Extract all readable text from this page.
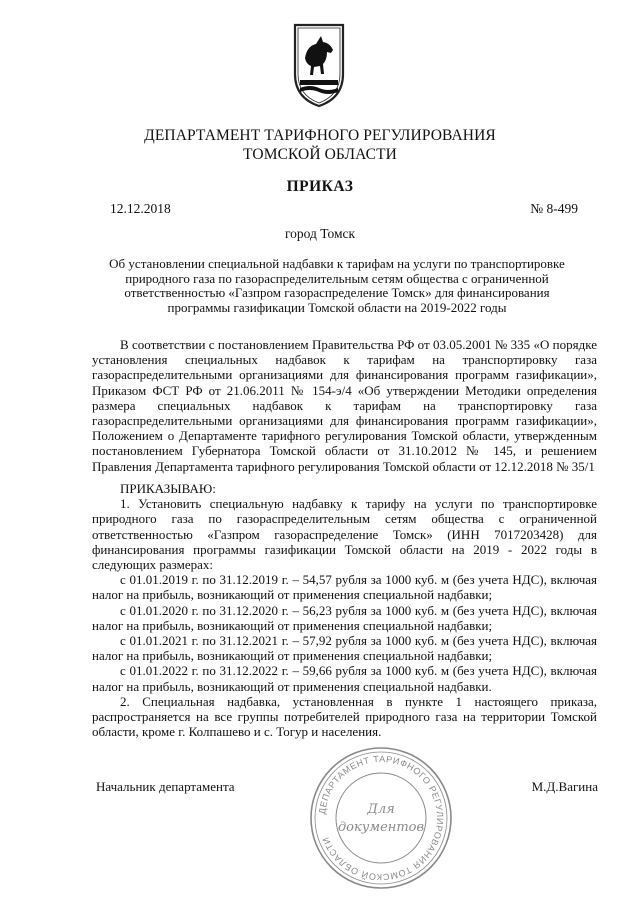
ДЕПАРТАМЕНТ ТАРИФНОГО РЕГУЛИРОВАНИЯ
ТОМСКОЙ ОБЛАСТИ
ПРИКАЗ
12.12.2018	№ 8-499
город Томск
Об установлении специальной надбавки к тарифам на услуги по транспортировке природного газа по газораспределительным сетям общества с ограниченной ответственностью «Газпром газораспределение Томск» для финансирования программы газификации Томской области на 2019-2022 годы

В соответствии с постановлением Правительства РФ от 03.05.2001 № 335 «О порядке установления специальных надбавок к тарифам на транспортировку газа газораспределительными организациями для финансирования программ газификации», Приказом ФСТ РФ от 21.06.2011 № 154-э/4 «Об утверждении Методики определения размера специальных надбавок к тарифам на транспортировку газа газораспределительными организациями для финансирования программ газификации», Положением о Департаменте тарифного регулирования Томской области, утвержденным постановлением Губернатора Томской области от 31.10.2012 № 145, и решением Правления Департамента тарифного регулирования Томской области от 12.12.2018 № 35/1

ПРИКАЗЫВАЮ:

1. Установить специальную надбавку к тарифу на услуги по транспортировке природного газа по газораспределительным сетям общества с ограниченной ответственностью «Газпром газораспределение Томск» (ИНН 7017203428) для финансирования программы газификации Томской области на 2019 - 2022 годы в следующих размерах:

с 01.01.2019 г. по 31.12.2019 г. – 54,57 рубля за 1000 куб. м (без учета НДС), включая налог на прибыль, возникающий от применения специальной надбавки;

с 01.01.2020 г. по 31.12.2020 г. – 56,23 рубля за 1000 куб. м (без учета НДС), включая налог на прибыль, возникающий от применения специальной надбавки;

с 01.01.2021 г. по 31.12.2021 г. – 57,92 рубля за 1000 куб. м (без учета НДС), включая налог на прибыль, возникающий от применения специальной надбавки;

с 01.01.2022 г. по 31.12.2022 г. – 59,66 рубля за 1000 куб. м (без учета НДС), включая налог на прибыль, возникающий от применения специальной надбавки.

2. Специальная надбавка, установленная в пункте 1 настоящего приказа, распространяется на все группы потребителей природного газа на территории Томской области, кроме г. Колпашево и с. Тогур и населения.

Начальник департамента	М.Д.Вагина
ДЕПАРТАМЕНТ ТАРИФНОГО РЕГУЛИРОВАНИЯ ТОМСКОЙ ОБЛАСТИ
Для
документов
